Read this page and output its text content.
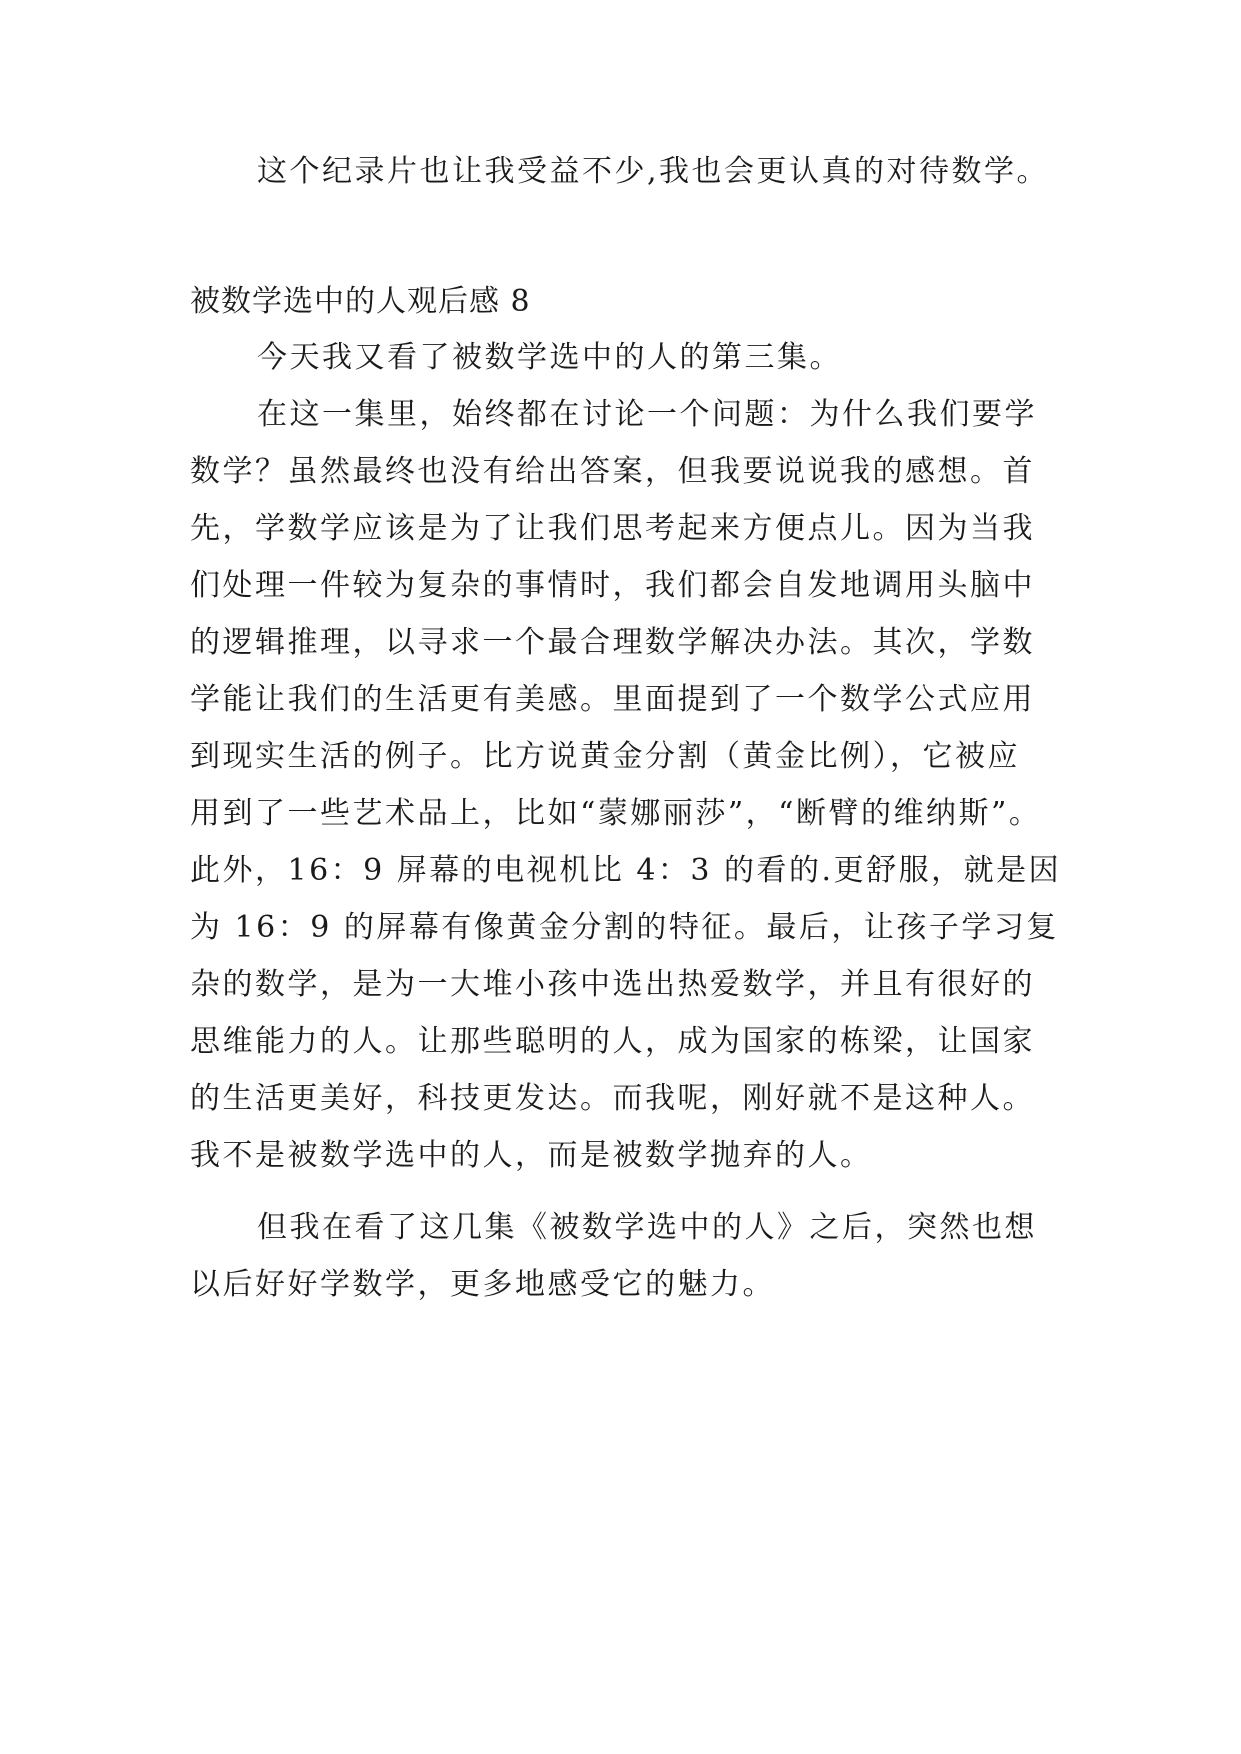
这个纪录片也让我受益不少,我也会更认真的对待数学。
被数学选中的人观后感 8
今天我又看了被数学选中的人的第三集。
在这一集里，始终都在讨论一个问题：为什么我们要学
数学？虽然最终也没有给出答案，但我要说说我的感想。首
先，学数学应该是为了让我们思考起来方便点儿。因为当我
们处理一件较为复杂的事情时，我们都会自发地调用头脑中
的逻辑推理，以寻求一个最合理数学解决办法。其次，学数
学能让我们的生活更有美感。里面提到了一个数学公式应用
到现实生活的例子。比方说黄金分割（黄金比例），它被应
用到了一些艺术品上，比如“蒙娜丽莎”，“断臂的维纳斯”。
此外，16：9 屏幕的电视机比 4：3 的看的.更舒服，就是因
为 16：9 的屏幕有像黄金分割的特征。最后，让孩子学习复
杂的数学，是为一大堆小孩中选出热爱数学，并且有很好的
思维能力的人。让那些聪明的人，成为国家的栋梁，让国家
的生活更美好，科技更发达。而我呢，刚好就不是这种人。
我不是被数学选中的人，而是被数学抛弃的人。
但我在看了这几集《被数学选中的人》之后，突然也想
以后好好学数学，更多地感受它的魅力。
